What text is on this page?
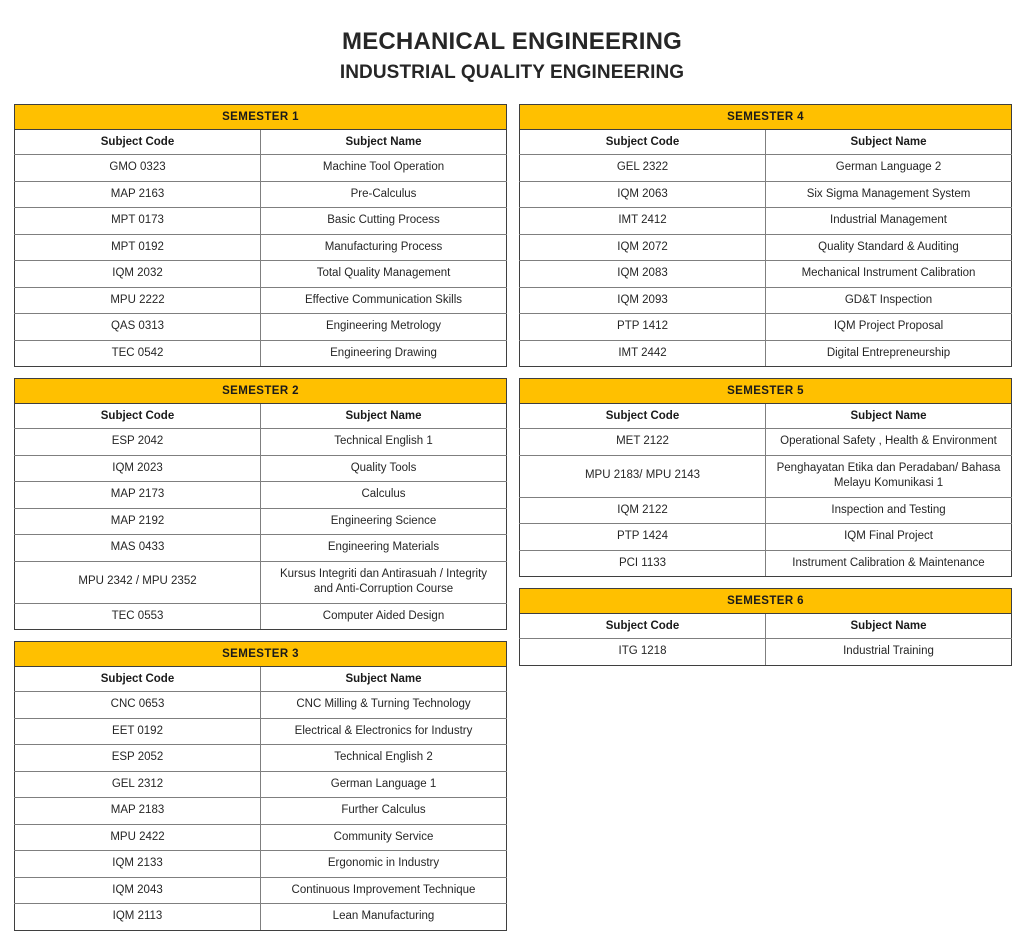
MECHANICAL ENGINEERING
INDUSTRIAL QUALITY ENGINEERING
SEMESTER 1	
Subject Code	Subject Name
GMO 0323	Machine Tool Operation
MAP 2163	Pre-Calculus
MPT 0173	Basic Cutting Process
MPT 0192	Manufacturing Process
IQM 2032	Total Quality Management
MPU 2222	Effective Communication Skills
QAS 0313	Engineering Metrology
TEC 0542	Engineering Drawing
SEMESTER 2	
Subject Code	Subject Name
ESP 2042	Technical English 1
IQM 2023	Quality Tools
MAP 2173	Calculus
MAP 2192	Engineering Science
MAS 0433	Engineering Materials
MPU 2342 / MPU 2352	Kursus Integriti dan Antirasuah / Integrity and Anti-Corruption Course
TEC 0553	Computer Aided Design
SEMESTER 3	
Subject Code	Subject Name
CNC 0653	CNC Milling & Turning Technology
EET 0192	Electrical & Electronics for Industry
ESP 2052	Technical English 2
GEL 2312	German Language 1
MAP 2183	Further Calculus
MPU 2422	Community Service
IQM 2133	Ergonomic in Industry
IQM 2043	Continuous Improvement Technique
IQM 2113	Lean Manufacturing
SEMESTER 4	
Subject Code	Subject Name
GEL 2322	German Language 2
IQM 2063	Six Sigma Management System
IMT 2412	Industrial Management
IQM 2072	Quality Standard & Auditing
IQM 2083	Mechanical Instrument Calibration
IQM 2093	GD&T Inspection
PTP 1412	IQM Project Proposal
IMT 2442	Digital Entrepreneurship
SEMESTER 5	
Subject Code	Subject Name
MET 2122	Operational Safety , Health & Environment
MPU 2183/ MPU 2143	Penghayatan Etika dan Peradaban/ Bahasa Melayu Komunikasi 1
IQM 2122	Inspection and Testing
PTP 1424	IQM Final Project
PCI 1133	Instrument Calibration & Maintenance
SEMESTER 6	
Subject Code	Subject Name
ITG 1218	Industrial Training
